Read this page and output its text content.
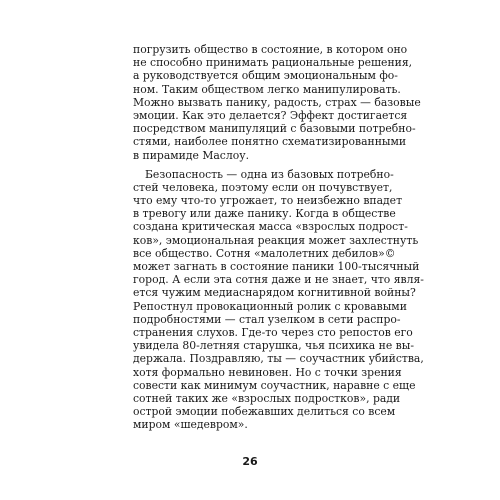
погрузить общество в состояние, в котором оно
не способно принимать рациональные решения,
а руководствуется общим эмоциональным фо-
ном. Таким обществом легко манипулировать.
Можно вызвать панику, радость, страх — базовые
эмоции. Как это делается? Эффект достигается
посредством манипуляций с базовыми потребно-
стями, наиболее понятно схематизированными
в пирамиде Маслоу.
Безопасность — одна из базовых потребно-
стей человека, поэтому если он почувствует,
что ему что-то угрожает, то неизбежно впадет
в тревогу или даже панику. Когда в обществе
создана критическая масса «взрослых подрост-
ков», эмоциональная реакция может захлестнуть
все общество. Сотня «малолетних дебилов»©
может загнать в состояние паники 100-тысячный
город. А если эта сотня даже и не знает, что явля-
ется чужим медиаснарядом когнитивной войны?
Репостнул провокационный ролик с кровавыми
подробностями — стал узелком в сети распро-
странения слухов. Где-то через сто репостов его
увидела 80-летняя старушка, чья психика не вы-
держала. Поздравляю, ты — соучастник убийства,
хотя формально невиновен. Но с точки зрения
совести как минимум соучастник, наравне с еще
сотней таких же «взрослых подростков», ради
острой эмоции побежавших делиться со всем
миром «шедевром».
26
